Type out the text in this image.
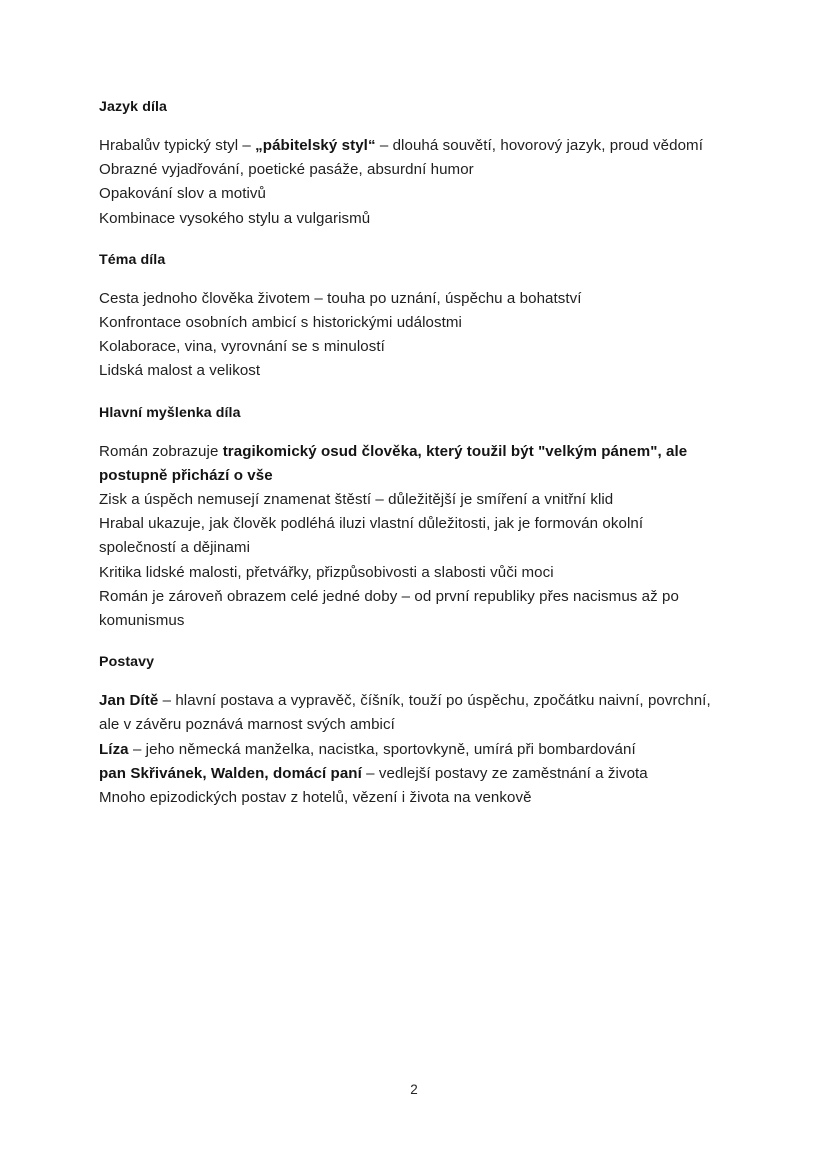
Jazyk díla

Hrabalův typický styl – „pábitelský styl“ – dlouhá souvětí, hovorový jazyk, proud vědomí

Obrazné vyjadřování, poetické pasáže, absurdní humor

Opakování slov a motivů

Kombinace vysokého stylu a vulgarismů

Téma díla

Cesta jednoho člověka životem – touha po uznání, úspěchu a bohatství

Konfrontace osobních ambicí s historickými událostmi

Kolaborace, vina, vyrovnání se s minulostí

Lidská malost a velikost

Hlavní myšlenka díla

Román zobrazuje tragikomický osud člověka, který toužil být "velkým pánem", ale postupně přichází o vše

Zisk a úspěch nemusejí znamenat štěstí – důležitější je smíření a vnitřní klid

Hrabal ukazuje, jak člověk podléhá iluzi vlastní důležitosti, jak je formován okolní společností a dějinami

Kritika lidské malosti, přetvářky, přizpůsobivosti a slabosti vůči moci

Román je zároveň obrazem celé jedné doby – od první republiky přes nacismus až po komunismus

Postavy

Jan Dítě – hlavní postava a vypravěč, číšník, touží po úspěchu, zpočátku naivní, povrchní, ale v závěru poznává marnost svých ambicí

Líza – jeho německá manželka, nacistka, sportovkyně, umírá při bombardování

pan Skřivánek, Walden, domácí paní – vedlejší postavy ze zaměstnání a života

Mnoho epizodických postav z hotelů, vězení i života na venkově

2
